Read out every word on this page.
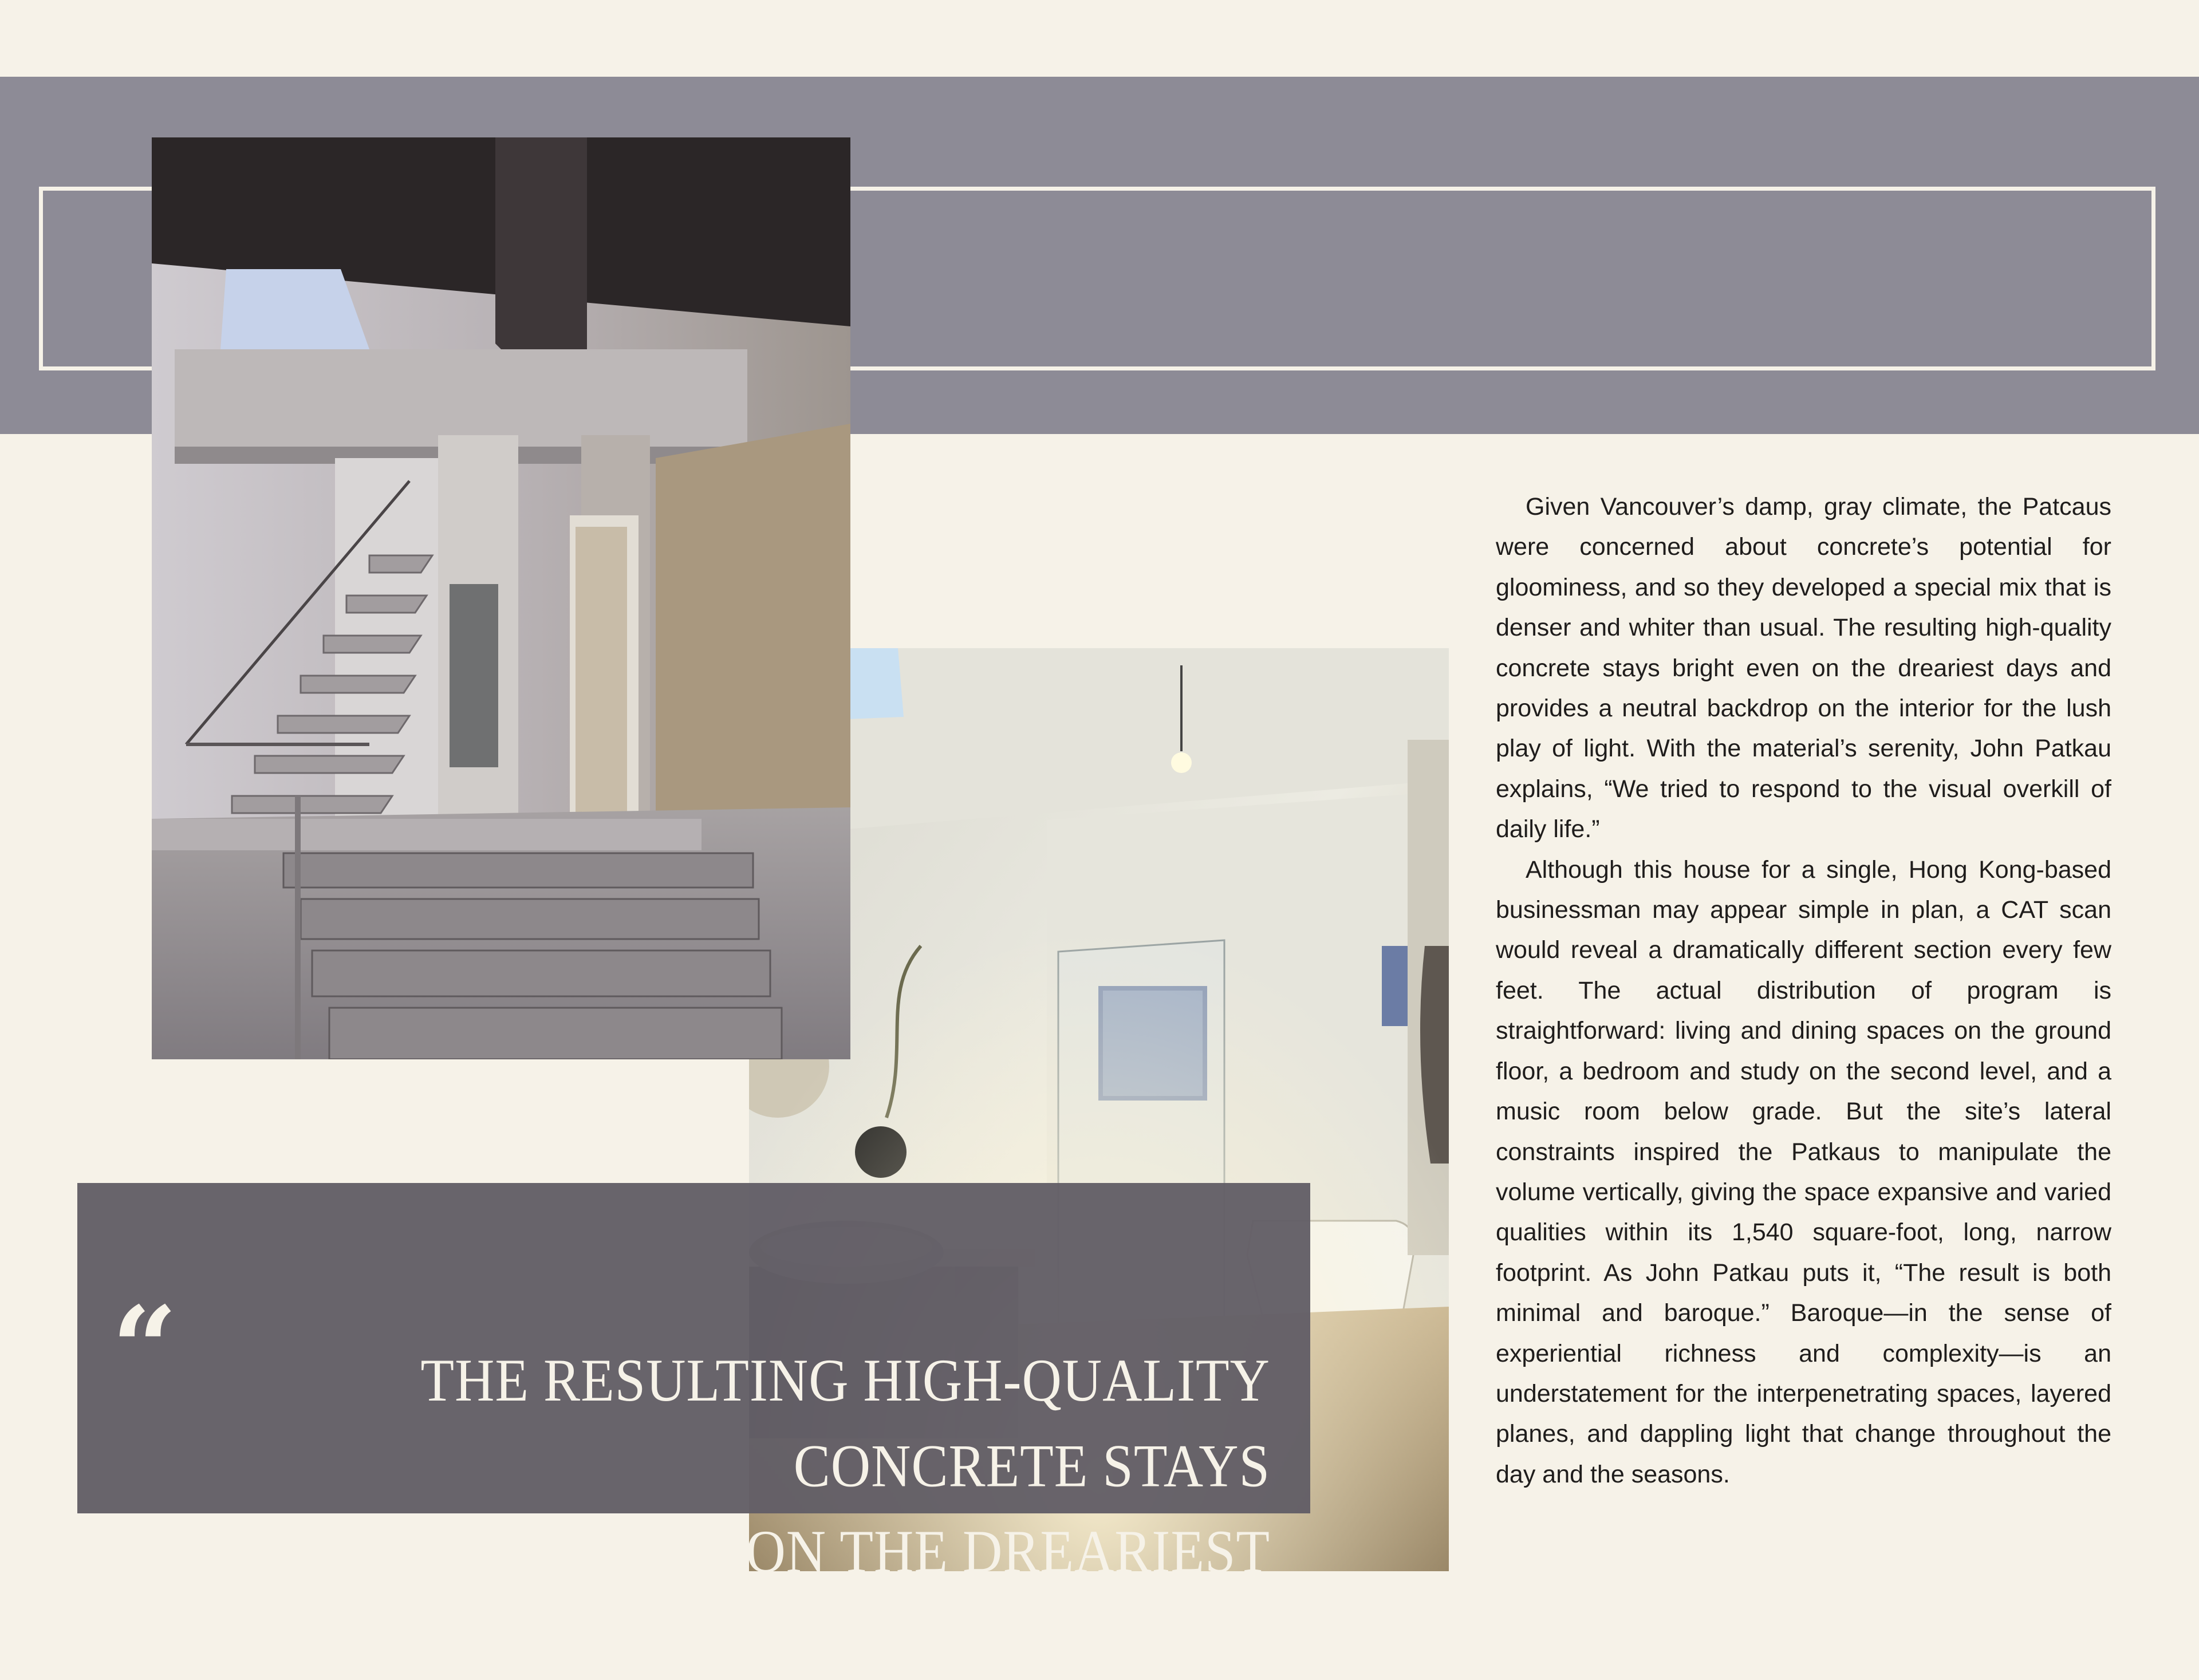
“	THE RESULTING HIGH-QUALITY CONCRETE STAYS
BRIGHT EVEN ON THE DREARIEST DAYS.

Given Vancouver’s damp, gray climate, the Patcaus were concerned about concrete’s potential for gloominess, and so they developed a special mix that is denser and whiter than usual. The resulting high-quality concrete stays bright even on the dreariest days and provides a neutral backdrop on the interior for the lush play of light. With the material’s serenity, John Patkau explains, “We tried to respond to the visual overkill of daily life.”

Although this house for a single, Hong Kong-based businessman may appear simple in plan, a CAT scan would reveal a dramatically different section every few feet. The actual distribution of program is straightforward: living and dining spaces on the ground floor, a bedroom and study on the second level, and a music room below grade. But the site’s lateral constraints inspired the Patkaus to manipulate the volume vertically, giving the space expansive and varied qualities within its 1,540 square-foot, long, narrow footprint. As John Patkau puts it, “The result is both minimal and baroque.” Baroque—in the sense of experiential richness and complexity—is an understatement for the interpenetrating spaces, layered planes, and dappling light that change throughout the day and the seasons.
